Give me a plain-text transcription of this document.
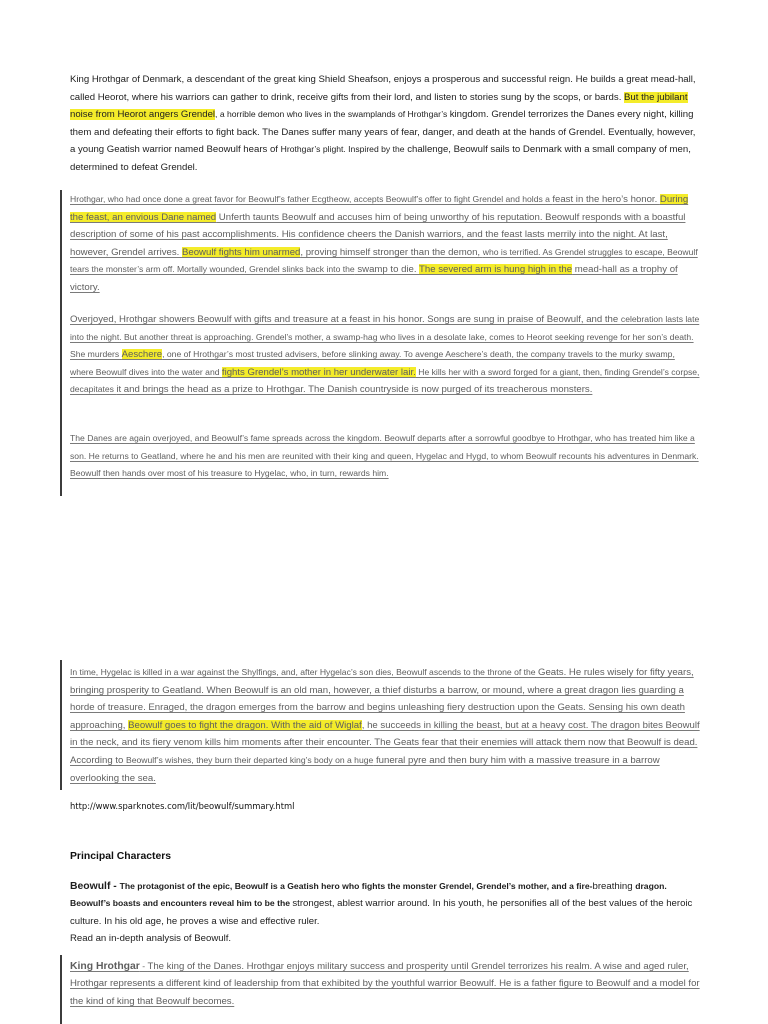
King Hrothgar of Denmark, a descendant of the great king Shield Sheafson, enjoys a prosperous and successful reign. He builds a great mead-hall, called Heorot, where his warriors can gather to drink, receive gifts from their lord, and listen to stories sung by the scops, or bards. But the jubilant noise from Heorot angers Grendel, a horrible demon who lives in the swamplands of Hrothgar’s kingdom. Grendel terrorizes the Danes every night, killing them and defeating their efforts to fight back. The Danes suffer many years of fear, danger, and death at the hands of Grendel. Eventually, however, a young Geatish warrior named Beowulf hears of Hrothgar’s plight. Inspired by the challenge, Beowulf sails to Denmark with a small company of men, determined to defeat Grendel.
Hrothgar, who had once done a great favor for Beowulf’s father Ecgtheow, accepts Beowulf’s offer to fight Grendel and holds a feast in the hero’s honor. During the feast, an envious Dane named Unferth taunts Beowulf and accuses him of being unworthy of his reputation. Beowulf responds with a boastful description of some of his past accomplishments. His confidence cheers the Danish warriors, and the feast lasts merrily into the night. At last, however, Grendel arrives. Beowulf fights him unarmed, proving himself stronger than the demon, who is terrified. As Grendel struggles to escape, Beowulf tears the monster’s arm off. Mortally wounded, Grendel slinks back into the swamp to die. The severed arm is hung high in the mead-hall as a trophy of victory.
Overjoyed, Hrothgar showers Beowulf with gifts and treasure at a feast in his honor. Songs are sung in praise of Beowulf, and the celebration lasts late into the night. But another threat is approaching. Grendel’s mother, a swamp-hag who lives in a desolate lake, comes to Heorot seeking revenge for her son’s death. She murders Aeschere, one of Hrothgar’s most trusted advisers, before slinking away. To avenge Aeschere’s death, the company travels to the murky swamp, where Beowulf dives into the water and fights Grendel’s mother in her underwater lair. He kills her with a sword forged for a giant, then, finding Grendel’s corpse, decapitates it and brings the head as a prize to Hrothgar. The Danish countryside is now purged of its treacherous monsters.
The Danes are again overjoyed, and Beowulf’s fame spreads across the kingdom. Beowulf departs after a sorrowful goodbye to Hrothgar, who has treated him like a son. He returns to Geatland, where he and his men are reunited with their king and queen, Hygelac and Hygd, to whom Beowulf recounts his adventures in Denmark. Beowulf then hands over most of his treasure to Hygelac, who, in turn, rewards him.
In time, Hygelac is killed in a war against the Shylfings, and, after Hygelac’s son dies, Beowulf ascends to the throne of the Geats. He rules wisely for fifty years, bringing prosperity to Geatland. When Beowulf is an old man, however, a thief disturbs a barrow, or mound, where a great dragon lies guarding a horde of treasure. Enraged, the dragon emerges from the barrow and begins unleashing fiery destruction upon the Geats. Sensing his own death approaching, Beowulf goes to fight the dragon. With the aid of Wiglaf, he succeeds in killing the beast, but at a heavy cost. The dragon bites Beowulf in the neck, and its fiery venom kills him moments after their encounter. The Geats fear that their enemies will attack them now that Beowulf is dead. According to Beowulf’s wishes, they burn their departed king’s body on a huge funeral pyre and then bury him with a massive treasure in a barrow overlooking the sea.
http://www.sparknotes.com/lit/beowulf/summary.html
Principal Characters
Beowulf - The protagonist of the epic, Beowulf is a Geatish hero who fights the monster Grendel, Grendel’s mother, and a fire-breathing dragon. Beowulf’s boasts and encounters reveal him to be the strongest, ablest warrior around. In his youth, he personifies all of the best values of the heroic culture. In his old age, he proves a wise and effective ruler.
Read an in-depth analysis of Beowulf.
King Hrothgar - The king of the Danes. Hrothgar enjoys military success and prosperity until Grendel terrorizes his realm. A wise and aged ruler, Hrothgar represents a different kind of leadership from that exhibited by the youthful warrior Beowulf. He is a father figure to Beowulf and a model for the kind of king that Beowulf becomes.
